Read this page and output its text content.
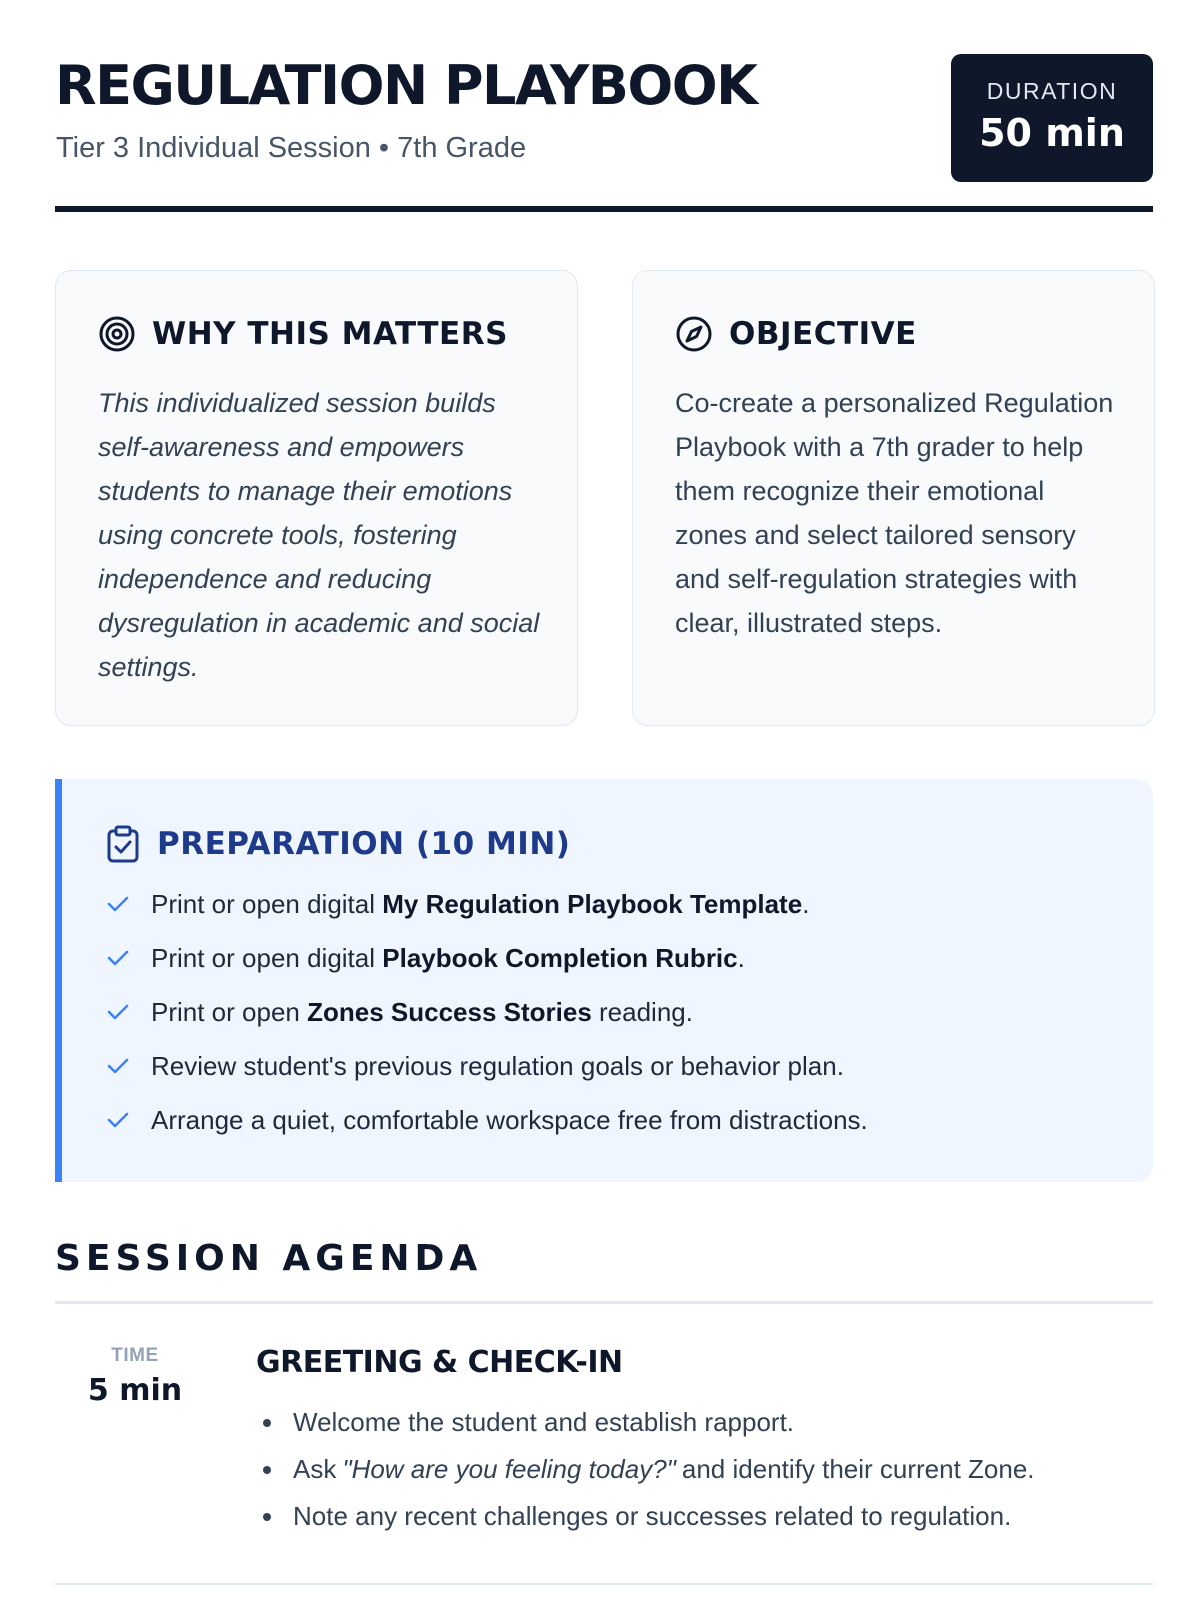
REGULATION PLAYBOOK
Tier 3 Individual Session • 7th Grade
DURATION
50 min
WHY THIS MATTERS

This individualized session builds self-awareness and empowers students to manage their emotions using concrete tools, fostering independence and reducing dysregulation in academic and social settings.

OBJECTIVE

Co-create a personalized Regulation Playbook with a 7th grader to help them recognize their emotional zones and select tailored sensory and self-regulation strategies with clear, illustrated steps.

PREPARATION (10 MIN)
Print or open digital My Regulation Playbook Template.
Print or open digital Playbook Completion Rubric.
Print or open Zones Success Stories reading.
Review student's previous regulation goals or behavior plan.
Arrange a quiet, comfortable workspace free from distractions.
SESSION AGENDA
TIME
5 min
GREETING & CHECK-IN
Welcome the student and establish rapport.
Ask "How are you feeling today?" and identify their current Zone.
Note any recent challenges or successes related to regulation.
